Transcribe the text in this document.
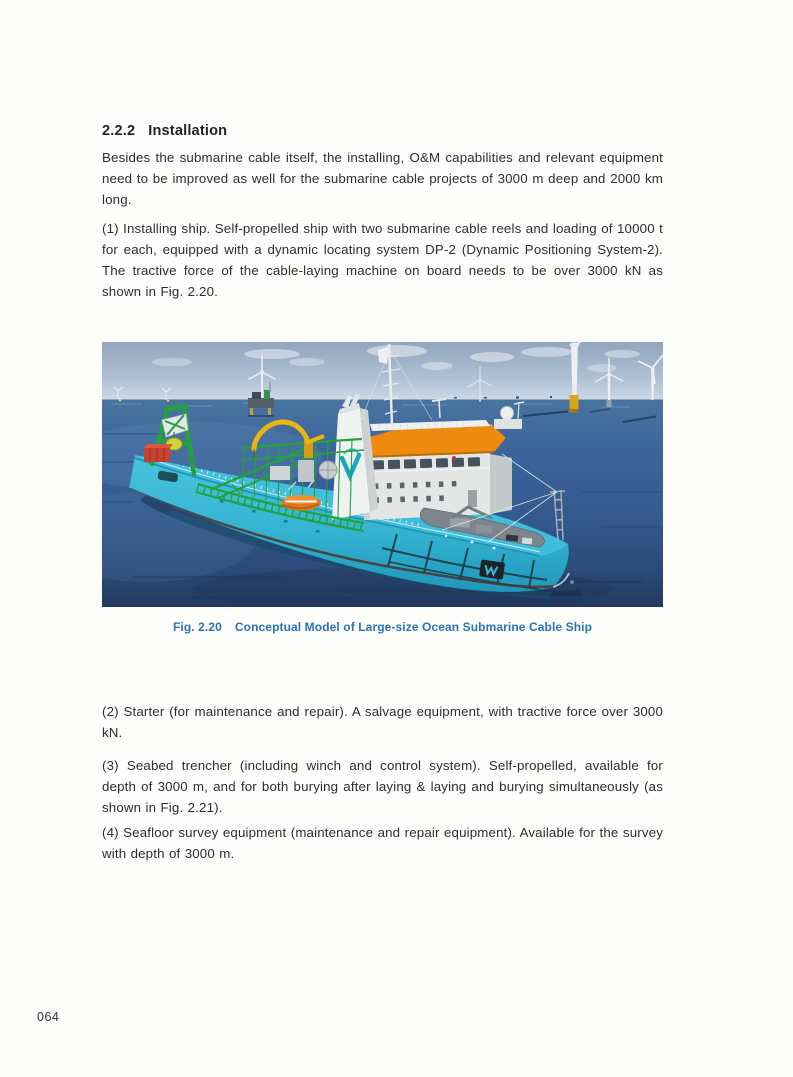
2.2.2 Installation

Besides the submarine cable itself, the installing, O&M capabilities and relevant equipment need to be improved as well for the submarine cable projects of 3000 m deep and 2000 km long.

(1) Installing ship. Self-propelled ship with two submarine cable reels and loading of 10000 t for each, equipped with a dynamic locating system DP-2 (Dynamic Positioning System-2). The tractive force of the cable-laying machine on board needs to be over 3000 kN as shown in Fig. 2.20.

Fig. 2.20 Conceptual Model of Large-size Ocean Submarine Cable Ship

(2) Starter (for maintenance and repair). A salvage equipment, with tractive force over 3000 kN.

(3) Seabed trencher (including winch and control system). Self-propelled, available for depth of 3000 m, and for both burying after laying & laying and burying simultaneously (as shown in Fig. 2.21).

(4) Seafloor survey equipment (maintenance and repair equipment). Available for the survey with depth of 3000 m.

064
